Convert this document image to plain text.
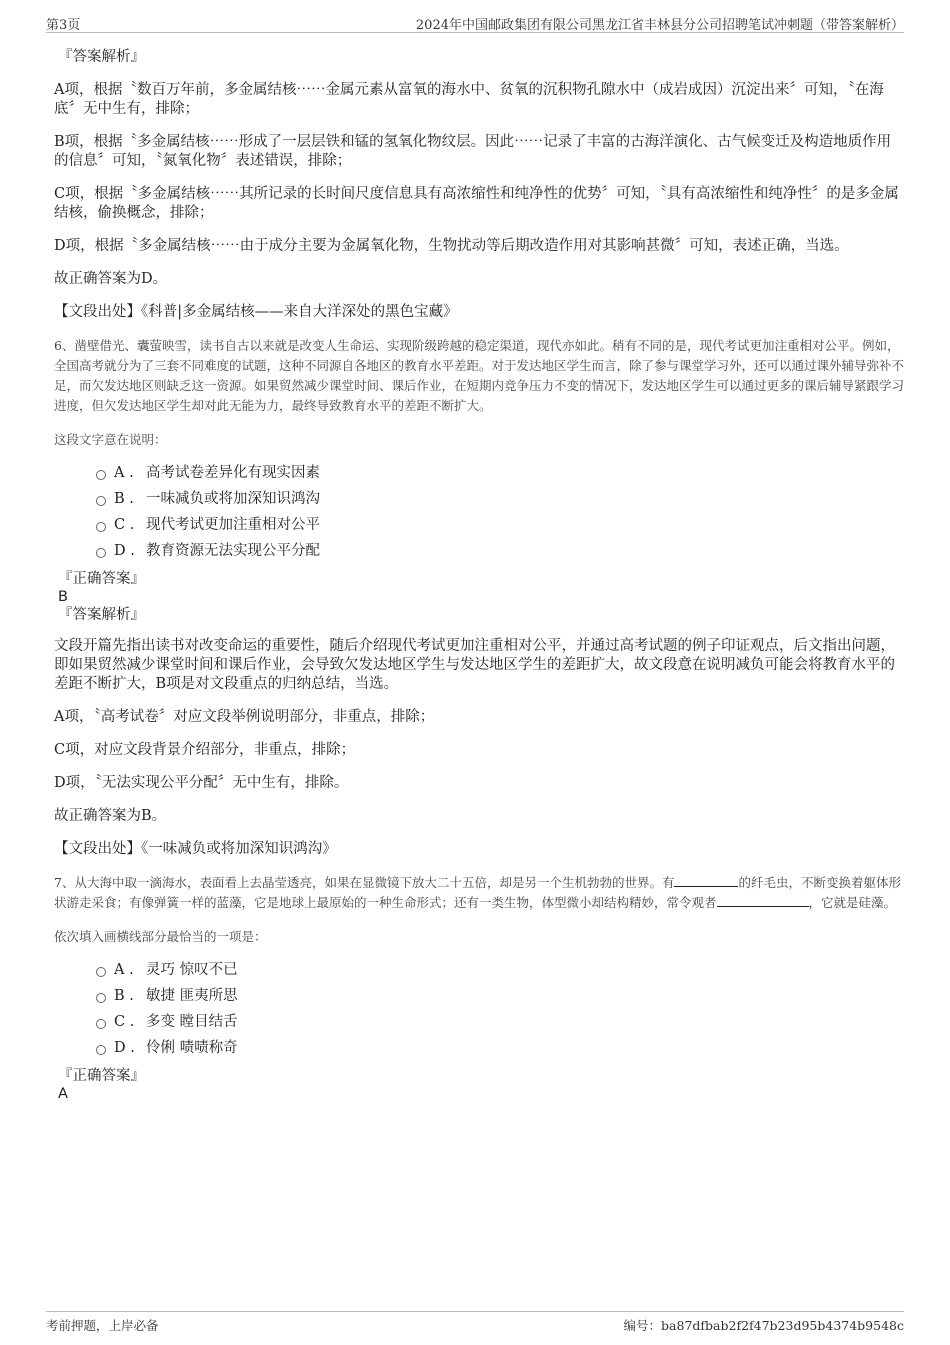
第3页	2024年中国邮政集团有限公司黑龙江省丰林县分公司招聘笔试冲刺题（带答案解析）

『答案解析』

A项，根据〝数百万年前，多金属结核⋯⋯金属元素从富氧的海水中、贫氧的沉积物孔隙水中（成岩成因）沉淀出来〞可知，〝在海底〞无中生有，排除；

B项，根据〝多金属结核⋯⋯形成了一层层铁和锰的氢氧化物纹层。因此⋯⋯记录了丰富的古海洋演化、古气候变迁及构造地质作用的信息〞可知，〝氮氧化物〞表述错误，排除；

C项，根据〝多金属结核⋯⋯其所记录的长时间尺度信息具有高浓缩性和纯净性的优势〞可知，〝具有高浓缩性和纯净性〞的是多金属结核，偷换概念，排除；

D项，根据〝多金属结核⋯⋯由于成分主要为金属氧化物，生物扰动等后期改造作用对其影响甚微〞可知，表述正确，当选。

故正确答案为D。

【文段出处】《科普|多金属结核——来自大洋深处的黑色宝藏》

6、凿壁借光、囊萤映雪，读书自古以来就是改变人生命运、实现阶级跨越的稳定渠道，现代亦如此。稍有不同的是，现代考试更加注重相对公平。例如，全国高考就分为了三套不同难度的试题，这种不同源自各地区的教育水平差距。对于发达地区学生而言，除了参与课堂学习外，还可以通过课外辅导弥补不足，而欠发达地区则缺乏这一资源。如果贸然减少课堂时间、课后作业，在短期内竞争压力不变的情况下，发达地区学生可以通过更多的课后辅导紧跟学习进度，但欠发达地区学生却对此无能为力，最终导致教育水平的差距不断扩大。

这段文字意在说明：

A . 高考试卷差异化有现实因素
B . 一味减负或将加深知识鸿沟
C . 现代考试更加注重相对公平
D . 教育资源无法实现公平分配

『正确答案』

B

『答案解析』

文段开篇先指出读书对改变命运的重要性，随后介绍现代考试更加注重相对公平，并通过高考试题的例子印证观点，后文指出问题，即如果贸然减少课堂时间和课后作业，会导致欠发达地区学生与发达地区学生的差距扩大，故文段意在说明减负可能会将教育水平的差距不断扩大，B项是对文段重点的归纳总结，当选。

A项，〝高考试卷〞对应文段举例说明部分，非重点，排除；

C项，对应文段背景介绍部分，非重点，排除；

D项，〝无法实现公平分配〞无中生有，排除。

故正确答案为B。

【文段出处】《一味减负或将加深知识鸿沟》

7、从大海中取一滴海水，表面看上去晶莹透亮，如果在显微镜下放大二十五倍，却是另一个生机勃勃的世界。有	的纤毛虫，不断变换着躯体形状游走采食；有像弹簧一样的蓝藻，它是地球上最原始的一种生命形式；还有一类生物，体型微小却结构精妙，常令观者	，它就是硅藻。

依次填入画横线部分最恰当的一项是：

A . 灵巧 惊叹不已
B . 敏捷 匪夷所思
C . 多变 瞠目结舌
D . 伶俐 啧啧称奇

『正确答案』

A

考前押题，上岸必备	编号：ba87dfbab2f2f47b23d95b4374b9548c
